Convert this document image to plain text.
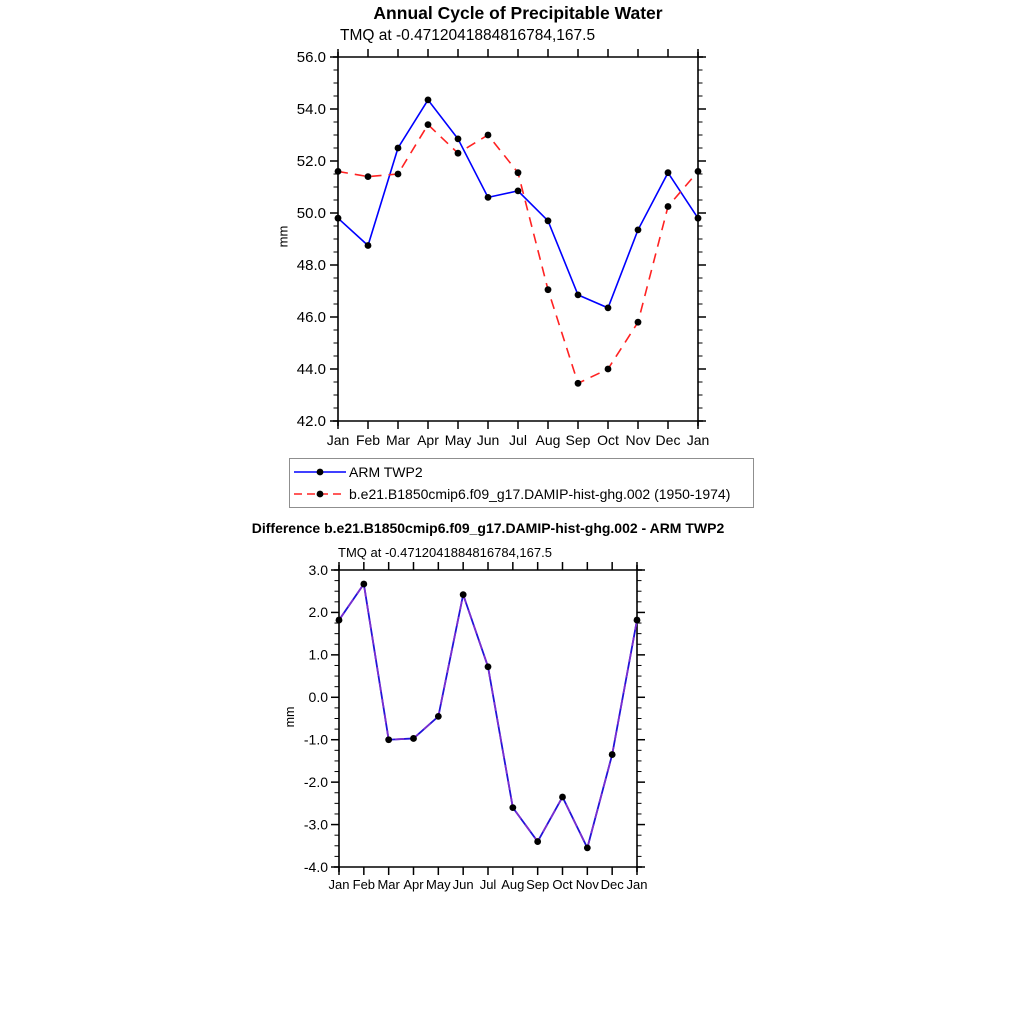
42.0
44.0
46.0
48.0
50.0
52.0
54.0
56.0
Jan Feb Mar Apr May Jun Jul Aug Sep Oct Nov Dec Jan
-4.0
-3.0
-2.0
-1.0
0.0
1.0
2.0
3.0
Jan Feb Mar Apr May Jun Jul Aug Sep Oct Nov Dec Jan
Annual Cycle of Precipitable Water
TMQ at -0.4712041884816784,167.5
mm
ARM TWP2
b.e21.B1850cmip6.f09_g17.DAMIP-hist-ghg.002 (1950-1974)
Difference b.e21.B1850cmip6.f09_g17.DAMIP-hist-ghg.002 - ARM TWP2
TMQ at -0.4712041884816784,167.5
mm
